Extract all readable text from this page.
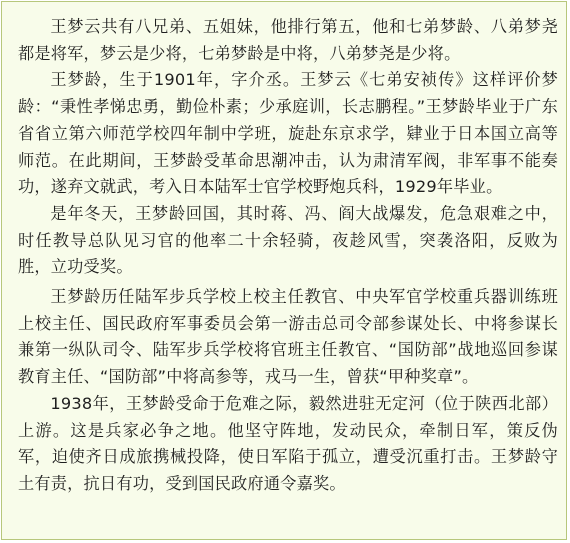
王梦云共有八兄弟、五姐妹，他排行第五，他和七弟梦龄、八弟梦尧都是将军，梦云是少将，七弟梦龄是中将，八弟梦尧是少将。

王梦龄，生于1901年，字介丞。王梦云《七弟安祯传》这样评价梦龄：“秉性孝悌忠勇，勤俭朴素；少承庭训，长志鹏程。”王梦龄毕业于广东省省立第六师范学校四年制中学班，旋赴东京求学，肄业于日本国立高等师范。在此期间，王梦龄受革命思潮冲击，认为肃清军阀，非军事不能奏功，遂弃文就武，考入日本陆军士官学校野炮兵科，1929年毕业。

是年冬天，王梦龄回国，其时蒋、冯、阎大战爆发，危急艰难之中，时任教导总队见习官的他率二十余轻骑，夜趁风雪，突袭洛阳，反败为胜，立功受奖。

王梦龄历任陆军步兵学校上校主任教官、中央军官学校重兵器训练班上校主任、国民政府军事委员会第一游击总司令部参谋处长、中将参谋长兼第一纵队司令、陆军步兵学校将官班主任教官、“国防部”战地巡回参谋教育主任、“国防部”中将高参等，戎马一生，曾获“甲种奖章”。

1938年，王梦龄受命于危难之际，毅然进驻无定河（位于陕西北部）上游。这是兵家必争之地。他坚守阵地，发动民众，牵制日军，策反伪军，迫使齐日成旅携械投降，使日军陷于孤立，遭受沉重打击。王梦龄守土有责，抗日有功，受到国民政府通令嘉奖。
